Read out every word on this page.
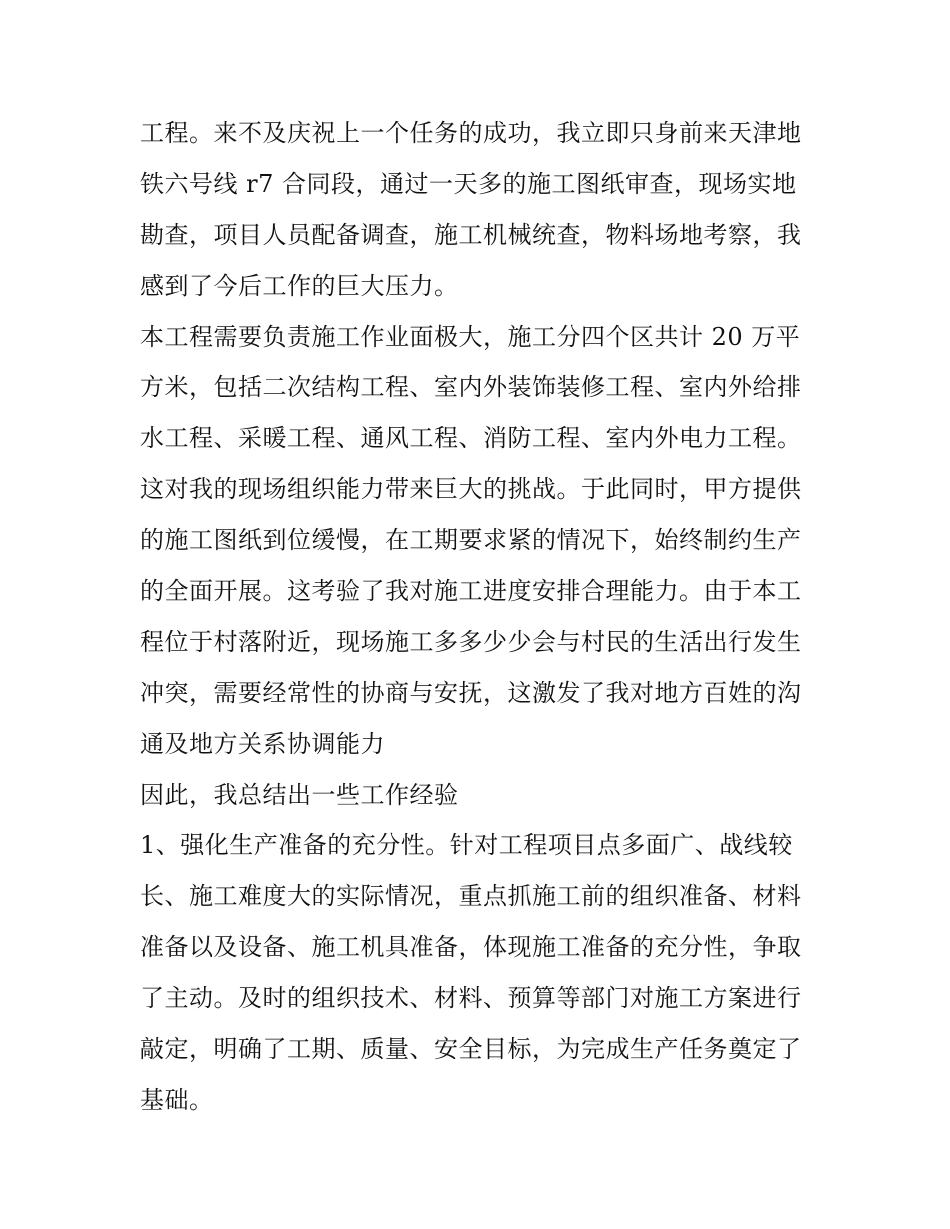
工程。来不及庆祝上一个任务的成功，我立即只身前来天津地

铁六号线 r7 合同段，通过一天多的施工图纸审查，现场实地

勘查，项目人员配备调查，施工机械统查，物料场地考察，我

感到了今后工作的巨大压力。

本工程需要负责施工作业面极大，施工分四个区共计 20 万平

方米，包括二次结构工程、室内外装饰装修工程、室内外给排

水工程、采暖工程、通风工程、消防工程、室内外电力工程。

这对我的现场组织能力带来巨大的挑战。于此同时，甲方提供

的施工图纸到位缓慢，在工期要求紧的情况下，始终制约生产

的全面开展。这考验了我对施工进度安排合理能力。由于本工

程位于村落附近，现场施工多多少少会与村民的生活出行发生

冲突，需要经常性的协商与安抚，这激发了我对地方百姓的沟

通及地方关系协调能力

因此，我总结出一些工作经验

1、强化生产准备的充分性。针对工程项目点多面广、战线较

长、施工难度大的实际情况，重点抓施工前的组织准备、材料

准备以及设备、施工机具准备，体现施工准备的充分性，争取

了主动。及时的组织技术、材料、预算等部门对施工方案进行

敲定，明确了工期、质量、安全目标，为完成生产任务奠定了

基础。
